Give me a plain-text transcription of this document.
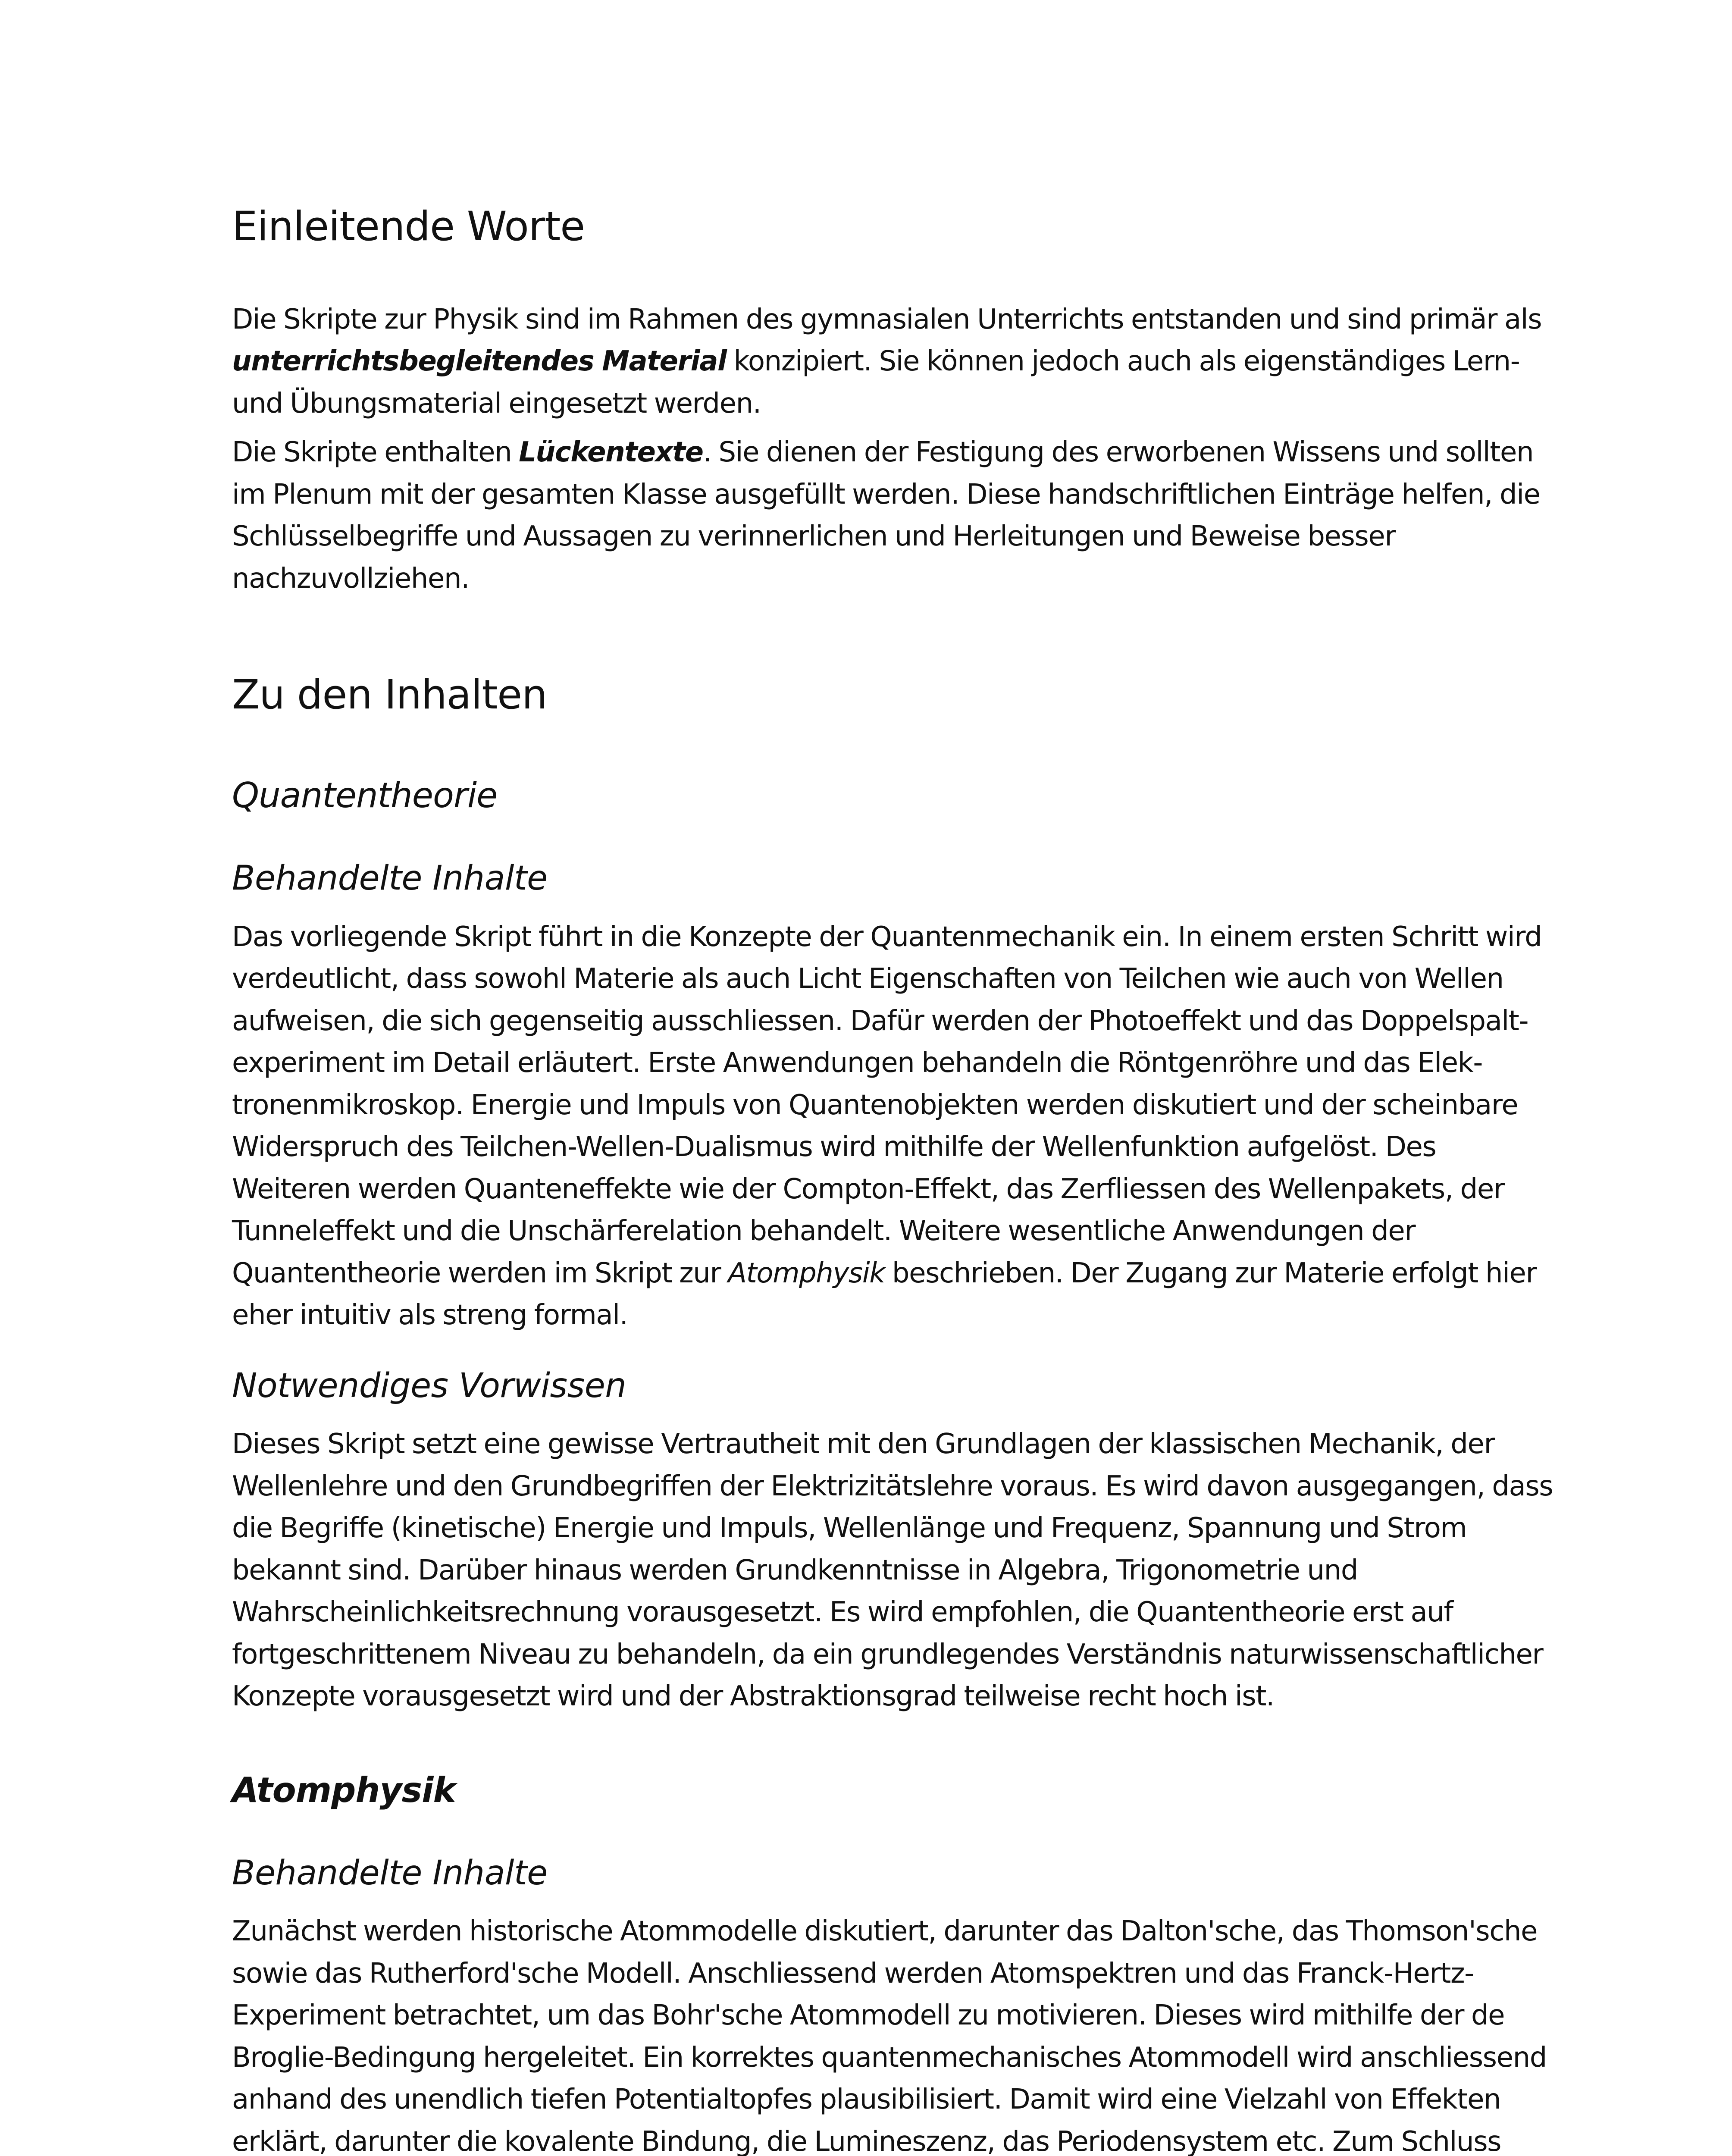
Einleitende Worte

Die Skripte zur Physik sind im Rahmen des gymnasialen Unterrichts entstanden und sind primär als unterrichtsbegleitendes Material konzipiert. Sie können jedoch auch als eigenständiges Lern- und Übungsmaterial eingesetzt werden.

Die Skripte enthalten Lückentexte. Sie dienen der Festigung des erworbenen Wissens und sollten im Plenum mit der gesamten Klasse ausgefüllt werden. Diese handschriftlichen Einträge helfen, die Schlüsselbegriffe und Aussagen zu verinnerlichen und Herleitungen und Beweise besser nachzuvollziehen.

Zu den Inhalten
Quantentheorie
Behandelte Inhalte

Das vorliegende Skript führt in die Konzepte der Quantenmechanik ein. In einem ersten Schritt wird verdeutlicht, dass sowohl Materie als auch Licht Eigenschaften von Teilchen wie auch von Wellen aufweisen, die sich gegenseitig ausschliessen. Dafür werden der Photoeffekt und das Doppelspalt-experiment im Detail erläutert. Erste Anwendungen behandeln die Röntgenröhre und das Elek-tronenmikroskop. Energie und Impuls von Quantenobjekten werden diskutiert und der scheinbare Widerspruch des Teilchen-Wellen-Dualismus wird mithilfe der Wellenfunktion aufgelöst. Des Weiteren werden Quanteneffekte wie der Compton-Effekt, das Zerfliessen des Wellenpakets, der Tunneleffekt und die Unschärferelation behandelt. Weitere wesentliche Anwendungen der Quantentheorie werden im Skript zur Atomphysik beschrieben. Der Zugang zur Materie erfolgt hier eher intuitiv als streng formal.

Notwendiges Vorwissen

Dieses Skript setzt eine gewisse Vertrautheit mit den Grundlagen der klassischen Mechanik, der Wellenlehre und den Grundbegriffen der Elektrizitätslehre voraus. Es wird davon ausgegangen, dass die Begriffe (kinetische) Energie und Impuls, Wellenlänge und Frequenz, Spannung und Strom bekannt sind. Darüber hinaus werden Grundkenntnisse in Algebra, Trigonometrie und Wahrscheinlichkeitsrechnung vorausgesetzt. Es wird empfohlen, die Quantentheorie erst auf fortgeschrittenem Niveau zu behandeln, da ein grundlegendes Verständnis naturwissenschaftlicher Konzepte vorausgesetzt wird und der Abstraktionsgrad teilweise recht hoch ist.

Atomphysik
Behandelte Inhalte

Zunächst werden historische Atommodelle diskutiert, darunter das Dalton'sche, das Thomson'sche sowie das Rutherford'sche Modell. Anschliessend werden Atomspektren und das Franck-Hertz-Experiment betrachtet, um das Bohr'sche Atommodell zu motivieren. Dieses wird mithilfe der de Broglie-Bedingung hergeleitet. Ein korrektes quantenmechanisches Atommodell wird anschliessend anhand des unendlich tiefen Potentialtopfes plausibilisiert. Damit wird eine Vielzahl von Effekten erklärt, darunter die kovalente Bindung, die Lumineszenz, das Periodensystem etc. Zum Schluss
